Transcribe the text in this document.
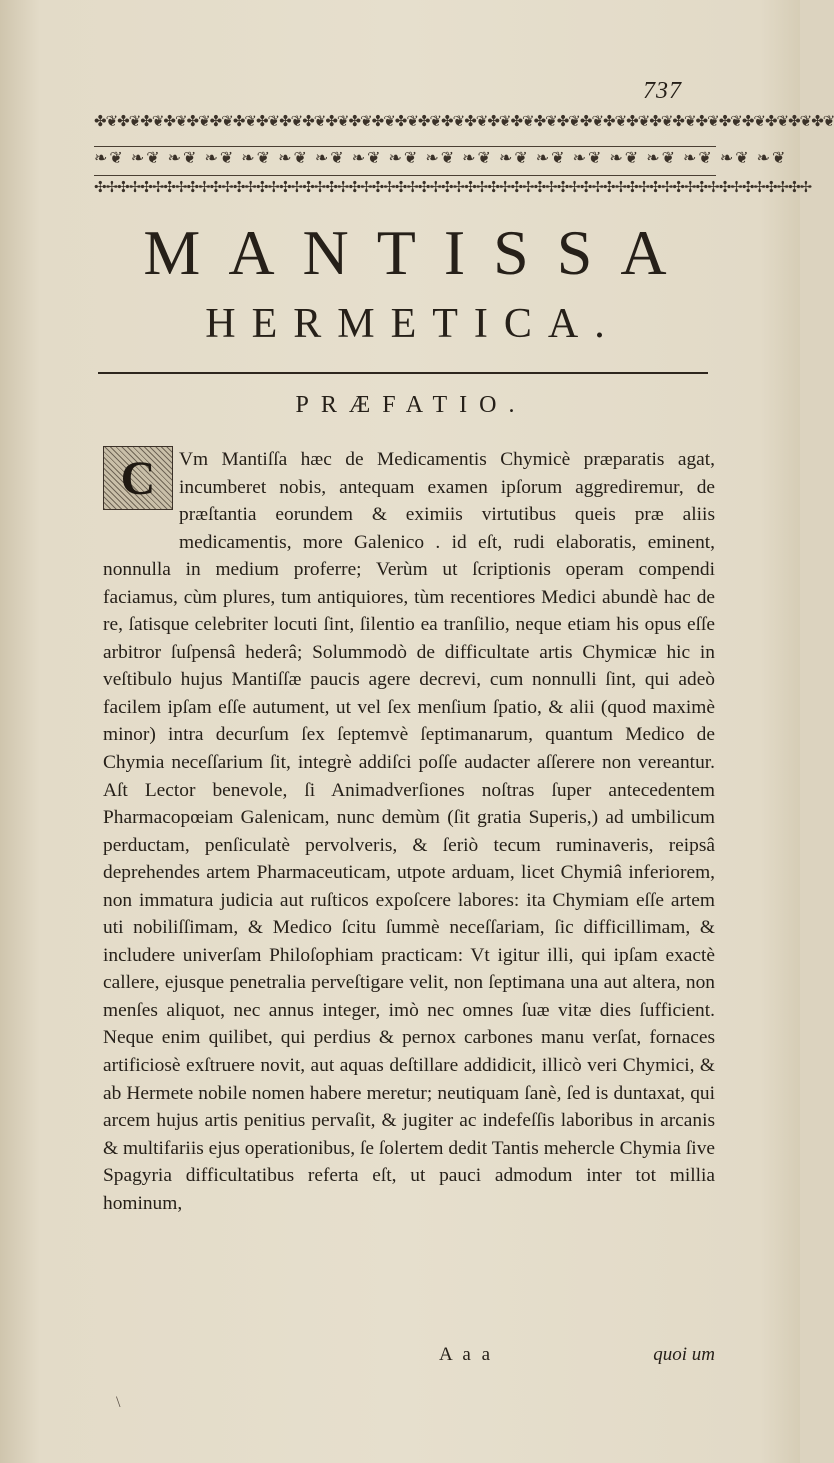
737
✤❦✤❦✤❦✤❦✤❦✤❦✤❦✤❦✤❦✤❦✤❦✤❦✤❦✤❦✤❦✤❦✤❦✤❦✤❦✤❦✤❦✤❦✤❦✤❦✤❦✤❦✤❦✤❦✤❦✤❦✤❦✤❦
❧❦ ❧❦ ❧❦ ❧❦ ❧❦ ❧❦ ❧❦ ❧❦ ❧❦ ❧❦ ❧❦ ❧❦ ❧❦ ❧❦ ❧❦ ❧❦ ❧❦ ❧❦ ❧❦
✣✢✣✢✣✢✣✢✣✢✣✢✣✢✣✢✣✢✣✢✣✢✣✢✣✢✣✢✣✢✣✢✣✢✣✢✣✢✣✢✣✢✣✢✣✢✣✢✣✢✣✢✣✢✣✢✣✢✣✢✣✢
MANTISSA
HERMETICA.
PRÆFATIO.
C	Vm Mantiſſa hæc de Medicamentis Chymicè præparatis agat, incumberet nobis, antequam examen ipſorum aggrediremur, de præſtantia eorundem & eximiis virtutibus queis præ aliis medicamentis, more Galenico . id eſt, rudi elaboratis, eminent, nonnulla in medium proferre; Verùm ut ſcriptionis operam compendi faciamus, cùm plures, tum antiquiores, tùm recentiores Medici abundè hac de re, ſatisque celebriter locuti ſint, ſilentio ea tranſilio, neque etiam his opus eſſe arbitror ſuſpensâ hederâ; Solummodò de difficultate artis Chymicæ hic in veſtibulo hujus Mantiſſæ paucis agere decrevi, cum nonnulli ſint, qui adeò facilem ipſam eſſe autument, ut vel ſex menſium ſpatio, & alii (quod maximè minor) intra decurſum ſex ſeptemvè ſeptimanarum, quantum Medico de Chymia neceſſarium ſit, integrè addiſci poſſe audacter aſſerere non vereantur. Aſt Lector benevole, ſi Animadverſiones noſtras ſuper antecedentem Pharmacopœiam Galenicam, nunc demùm (ſit gratia Superis,) ad umbilicum perductam, penſiculatè pervolveris, & ſeriò tecum ruminaveris, reipsâ deprehendes artem Pharmaceuticam, utpote arduam, licet Chymiâ inferiorem, non immatura judicia aut ruſticos expoſcere labores: ita Chymiam eſſe artem uti nobiliſſimam, & Medico ſcitu ſummè neceſſariam, ſic difficillimam, & includere univerſam Philoſophiam practicam: Vt igitur illi, qui ipſam exactè callere, ejusque penetralia perveſtigare velit, non ſeptimana una aut altera, non menſes aliquot, nec annus integer, imò nec omnes ſuæ vitæ dies ſufficient. Neque enim quilibet, qui perdius & pernox carbones manu verſat, fornaces artificiosè exſtruere novit, aut aquas deſtillare addidicit, illicò veri Chymici, & ab Hermete nobile nomen habere meretur; neutiquam ſanè, ſed is duntaxat, qui arcem hujus artis penitius pervaſit, & jugiter ac indefeſſis laboribus in arcanis & multifariis ejus operationibus, ſe ſolertem dedit Tantis mehercle Chymia ſive Spagyria difficultatibus referta eſt, ut pauci admodum inter tot millia hominum,

A a a	quoi um
\
